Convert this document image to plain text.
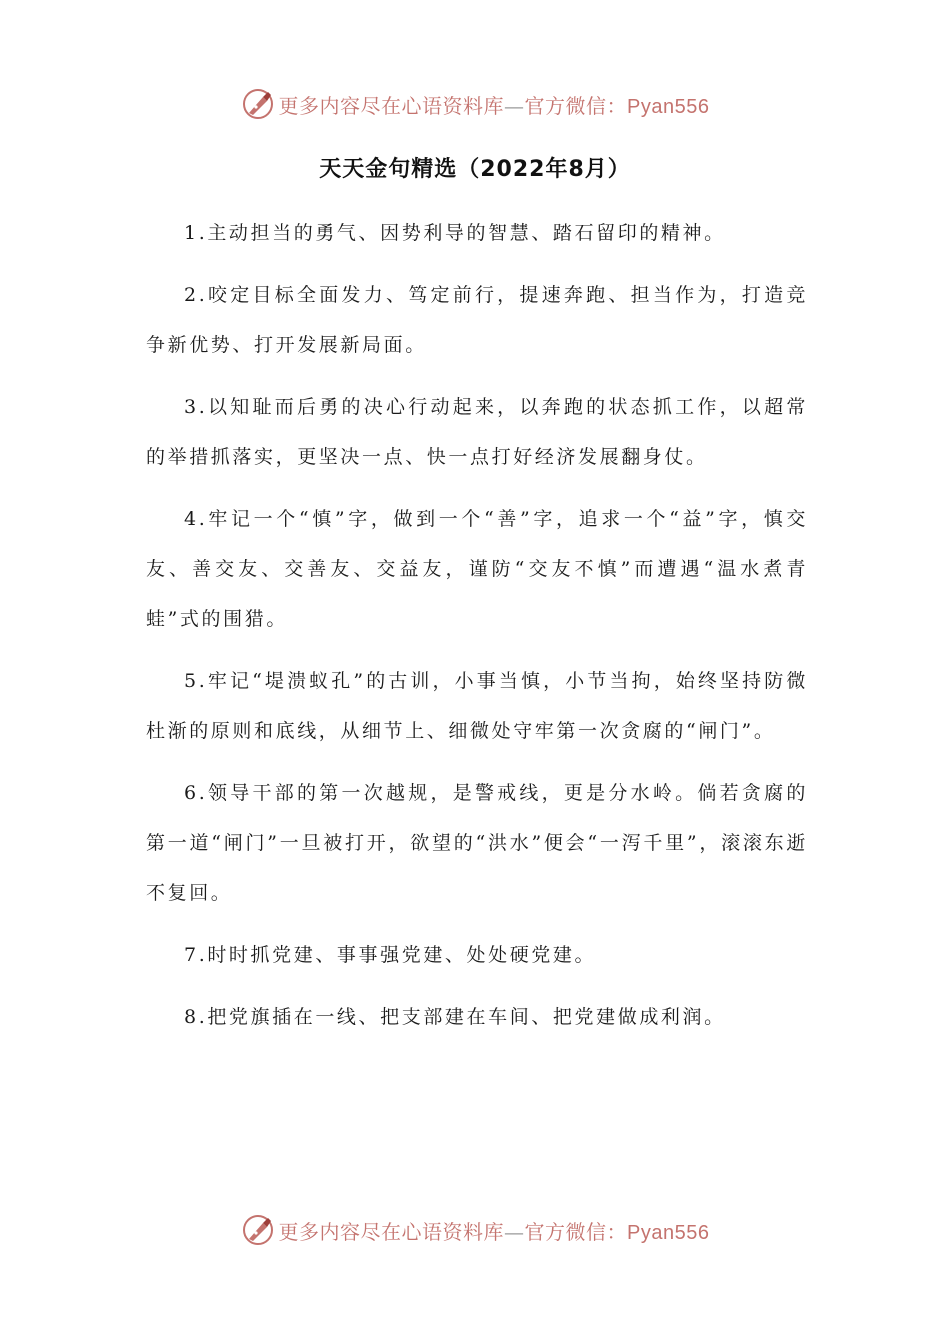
更多内容尽在心语资料库—官方微信：Pyan556
天天金句精选（2022年8月）

1.主动担当的勇气、因势利导的智慧、踏石留印的精神。

2.咬定目标全面发力、笃定前行，提速奔跑、担当作为，打造竞争新优势、打开发展新局面。

3.以知耻而后勇的决心行动起来，以奔跑的状态抓工作，以超常的举措抓落实，更坚决一点、快一点打好经济发展翻身仗。

4.牢记一个“慎”字，做到一个“善”字，追求一个“益”字，慎交友、善交友、交善友、交益友，谨防“交友不慎”而遭遇“温水煮青蛙”式的围猎。

5.牢记“堤溃蚁孔”的古训，小事当慎，小节当拘，始终坚持防微杜渐的原则和底线，从细节上、细微处守牢第一次贪腐的“闸门”。

6.领导干部的第一次越规，是警戒线，更是分水岭。倘若贪腐的第一道“闸门”一旦被打开，欲望的“洪水”便会“一泻千里”，滚滚东逝不复回。

7.时时抓党建、事事强党建、处处硬党建。

8.把党旗插在一线、把支部建在车间、把党建做成利润。

更多内容尽在心语资料库—官方微信：Pyan556
